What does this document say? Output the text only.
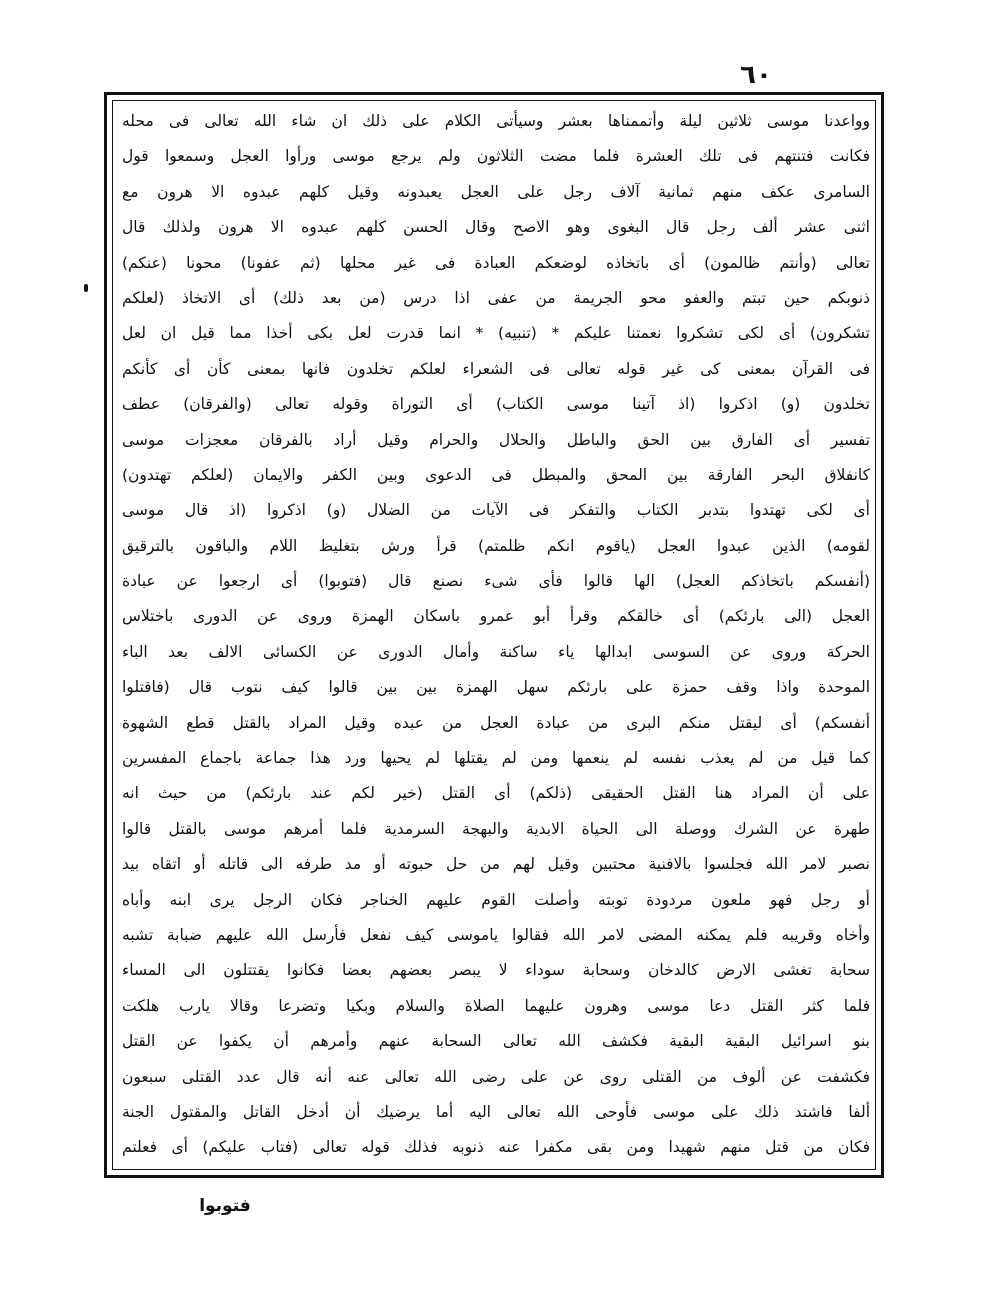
٦٠
وواعدنا موسى ثلاثين ليلة وأتممناها بعشر وسيأتى الكلام على ذلك ان شاء الله تعالى فى محله
فكانت فتنتهم فى تلك العشرة فلما مضت الثلاثون ولم يرجع موسى ورأوا العجل وسمعوا قول
السامرى عكف منهم ثمانية آلاف رجل على العجل يعبدونه وقيل كلهم عبدوه الا هرون مع
اثنى عشر ألف رجل قال البغوى وهو الاصح وقال الحسن كلهم عبدوه الا هرون ولذلك قال
تعالى (وأنتم ظالمون) أى باتخاذه لوضعكم العبادة فى غير محلها (ثم عفونا) محونا (عنكم)
ذنوبكم حين تبتم والعفو محو الجريمة من عفى اذا درس (من بعد ذلك) أى الاتخاذ (لعلكم
تشكرون) أى لكى تشكروا نعمتنا عليكم * (تنبيه) * انما قدرت لعل بكى أخذا مما قيل ان لعل
فى القرآن بمعنى كى غير قوله تعالى فى الشعراء لعلكم تخلدون فانها بمعنى كأن أى كأنكم
تخلدون (و) اذكروا (اذ آتينا موسى الكتاب) أى التوراة وقوله تعالى (والفرقان) عطف
تفسير أى الفارق بين الحق والباطل والحلال والحرام وقيل أراد بالفرقان معجزات موسى
كانفلاق البحر الفارقة بين المحق والمبطل فى الدعوى وبين الكفر والايمان (لعلكم تهتدون)
أى لكى تهتدوا بتدبر الكتاب والتفكر فى الآيات من الضلال (و) اذكروا (اذ قال موسى
لقومه) الذين عبدوا العجل (ياقوم انكم ظلمتم) قرأ ورش بتغليظ اللام والباقون بالترقيق
(أنفسكم باتخاذكم العجل) الها قالوا فأى شىء نصنع قال (فتوبوا) أى ارجعوا عن عبادة
العجل (الى بارئكم) أى خالقكم وقرأ أبو عمرو باسكان الهمزة وروى عن الدورى باختلاس
الحركة وروى عن السوسى ابدالها ياء ساكنة وأمال الدورى عن الكسائى الالف بعد الباء
الموحدة واذا وقف حمزة على بارئكم سهل الهمزة بين بين قالوا كيف نتوب قال (فاقتلوا
أنفسكم) أى ليقتل منكم البرى من عبادة العجل من عبده وقيل المراد بالقتل قطع الشهوة
كما قيل من لم يعذب نفسه لم ينعمها ومن لم يقتلها لم يحيها ورد هذا جماعة باجماع المفسرين
على أن المراد هنا القتل الحقيقى (ذلكم) أى القتل (خير لكم عند بارئكم) من حيث انه
طهرة عن الشرك ووصلة الى الحياة الابدية والبهجة السرمدية فلما أمرهم موسى بالقتل قالوا
نصبر لامر الله فجلسوا بالافنية محتبين وقيل لهم من حل حبوته أو مد طرفه الى قاتله أو اتقاه بيد
أو رجل فهو ملعون مردودة توبته وأصلت القوم عليهم الخناجر فكان الرجل يرى ابنه وأباه
وأخاه وقريبه فلم يمكنه المضى لامر الله فقالوا ياموسى كيف نفعل فأرسل الله عليهم ضبابة تشبه
سحابة تغشى الارض كالدخان وسحابة سوداء لا يبصر بعضهم بعضا فكانوا يقتتلون الى المساء
فلما كثر القتل دعا موسى وهرون عليهما الصلاة والسلام وبكيا وتضرعا وقالا يارب هلكت
بنو اسرائيل البقية البقية فكشف الله تعالى السحابة عنهم وأمرهم أن يكفوا عن القتل
فكشفت عن ألوف من القتلى روى عن على رضى الله تعالى عنه أنه قال عدد القتلى سبعون
ألفا فاشتد ذلك على موسى فأوحى الله تعالى اليه أما يرضيك أن أدخل القاتل والمقتول الجنة
فكان من قتل منهم شهيدا ومن بقى مكفرا عنه ذنوبه فذلك قوله تعالى (فتاب عليكم) أى فعلتم
فتوبوا
